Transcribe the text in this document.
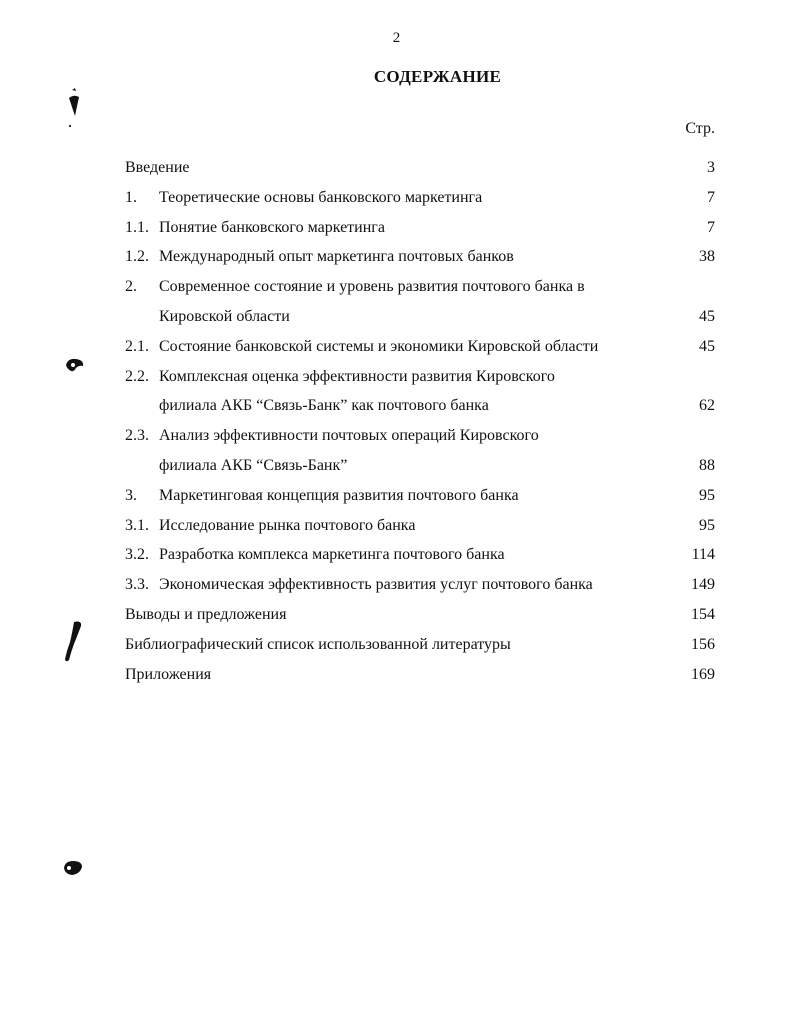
2
СОДЕРЖАНИЕ
Стр.
Введение	3
1. Теоретические основы банковского маркетинга	7
1.1. Понятие банковского маркетинга	7
1.2. Международный опыт маркетинга почтовых банков	38
2. Современное состояние и уровень развития почтового банка в
Кировской области	45
2.1. Состояние банковской системы и экономики Кировской области	45
2.2. Комплексная оценка эффективности развития Кировского
филиала АКБ “Связь-Банк” как почтового банка	62
2.3. Анализ эффективности почтовых операций Кировского
филиала АКБ “Связь-Банк”	88
3. Маркетинговая концепция развития почтового банка	95
3.1. Исследование рынка почтового банка	95
3.2. Разработка комплекса маркетинга почтового банка	114
3.3. Экономическая эффективность развития услуг почтового банка	149
Выводы и предложения	154
Библиографический список использованной литературы	156
Приложения	169
